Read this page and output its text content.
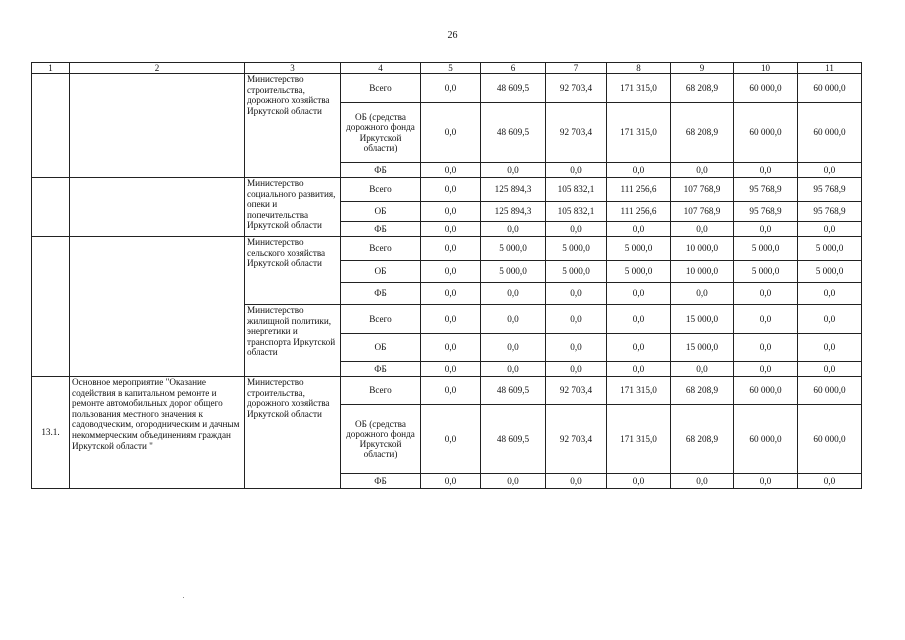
26
1	2	3	4	5	6	7	8	9	10	11
		Министерство строительства, дорожного хозяйства Иркутской области	Всего	0,0	48 609,5	92 703,4	171 315,0	68 208,9	60 000,0	60 000,0
			ОБ (средства дорожного фонда Иркутской области)	0,0	48 609,5	92 703,4	171 315,0	68 208,9	60 000,0	60 000,0
			ФБ	0,0	0,0	0,0	0,0	0,0	0,0	0,0
		Министерство социального развития, опеки и попечительства Иркутской области	Всего	0,0	125 894,3	105 832,1	111 256,6	107 768,9	95 768,9	95 768,9
			ОБ	0,0	125 894,3	105 832,1	111 256,6	107 768,9	95 768,9	95 768,9
			ФБ	0,0	0,0	0,0	0,0	0,0	0,0	0,0
		Министерство сельского хозяйства Иркутской области	Всего	0,0	5 000,0	5 000,0	5 000,0	10 000,0	5 000,0	5 000,0
			ОБ	0,0	5 000,0	5 000,0	5 000,0	10 000,0	5 000,0	5 000,0
			ФБ	0,0	0,0	0,0	0,0	0,0	0,0	0,0
		Министерство жилищной политики, энергетики и транспорта Иркутской области	Всего	0,0	0,0	0,0	0,0	15 000,0	0,0	0,0
			ОБ	0,0	0,0	0,0	0,0	15 000,0	0,0	0,0
			ФБ	0,0	0,0	0,0	0,0	0,0	0,0	0,0
13.1.	Основное мероприятие "Оказание содействия в капитальном ремонте и ремонте автомобильных дорог общего пользования местного значения к садоводческим, огородническим и дачным некоммерческим объединениям граждан Иркутской области "	Министерство строительства, дорожного хозяйства Иркутской области	Всего	0,0	48 609,5	92 703,4	171 315,0	68 208,9	60 000,0	60 000,0
			ОБ (средства дорожного фонда Иркутской области)	0,0	48 609,5	92 703,4	171 315,0	68 208,9	60 000,0	60 000,0
			ФБ	0,0	0,0	0,0	0,0	0,0	0,0	0,0
